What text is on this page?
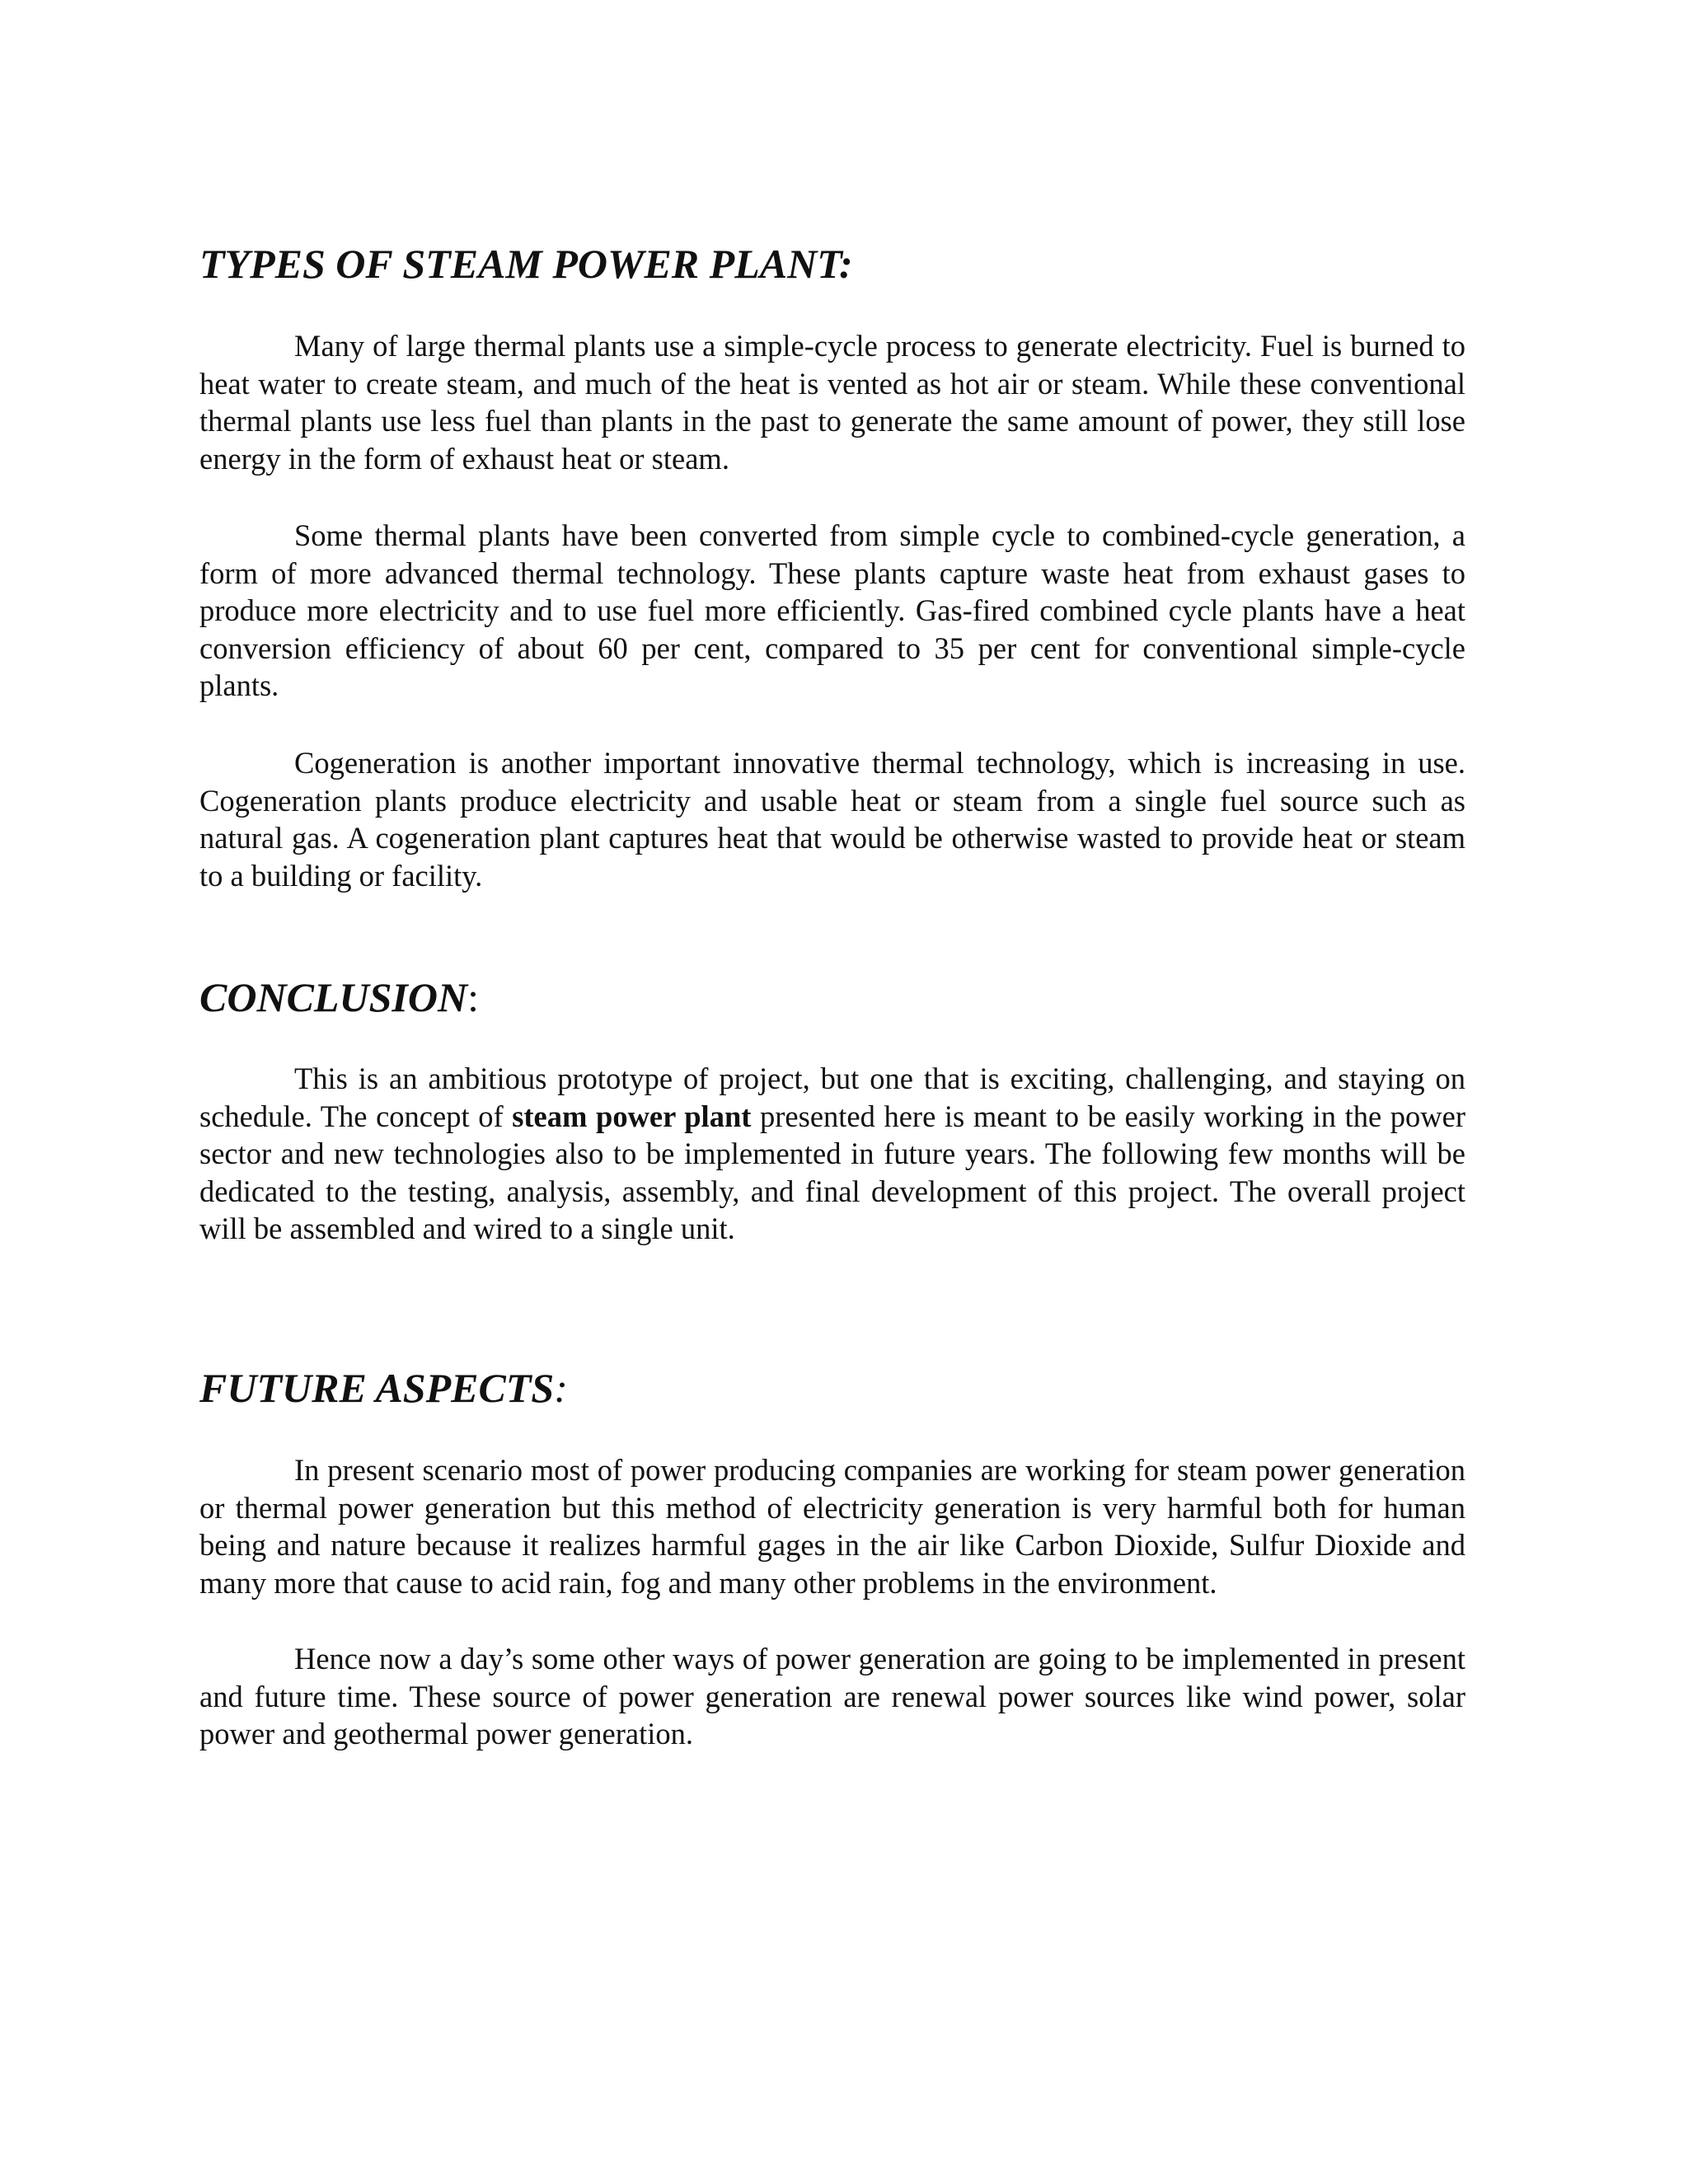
TYPES OF STEAM POWER PLANT:

Many of large thermal plants use a simple-cycle process to generate electricity. Fuel is burned to heat water to create steam, and much of the heat is vented as hot air or steam. While these conventional thermal plants use less fuel than plants in the past to generate the same amount of power, they still lose energy in the form of exhaust heat or steam.

Some thermal plants have been converted from simple cycle to combined-cycle generation, a form of more advanced thermal technology. These plants capture waste heat from exhaust gases to produce more electricity and to use fuel more efficiently. Gas-fired combined cycle plants have a heat conversion efficiency of about 60 per cent, compared to 35 per cent for conventional simple-cycle plants.

Cogeneration is another important innovative thermal technology, which is increasing in use. Cogeneration plants produce electricity and usable heat or steam from a single fuel source such as natural gas. A cogeneration plant captures heat that would be otherwise wasted to provide heat or steam to a building or facility.

CONCLUSION:

This is an ambitious prototype of project, but one that is exciting, challenging, and staying on schedule. The concept of steam power plant presented here is meant to be easily working in the power sector and new technologies also to be implemented in future years. The following few months will be dedicated to the testing, analysis, assembly, and final development of this project. The overall project will be assembled and wired to a single unit.

FUTURE ASPECTS:

In present scenario most of power producing companies are working for steam power generation or thermal power generation but this method of electricity generation is very harmful both for human being and nature because it realizes harmful gages in the air like Carbon Dioxide, Sulfur Dioxide and many more that cause to acid rain, fog and many other problems in the environment.

Hence now a day’s some other ways of power generation are going to be implemented in present and future time. These source of power generation are renewal power sources like wind power, solar power and geothermal power generation.
